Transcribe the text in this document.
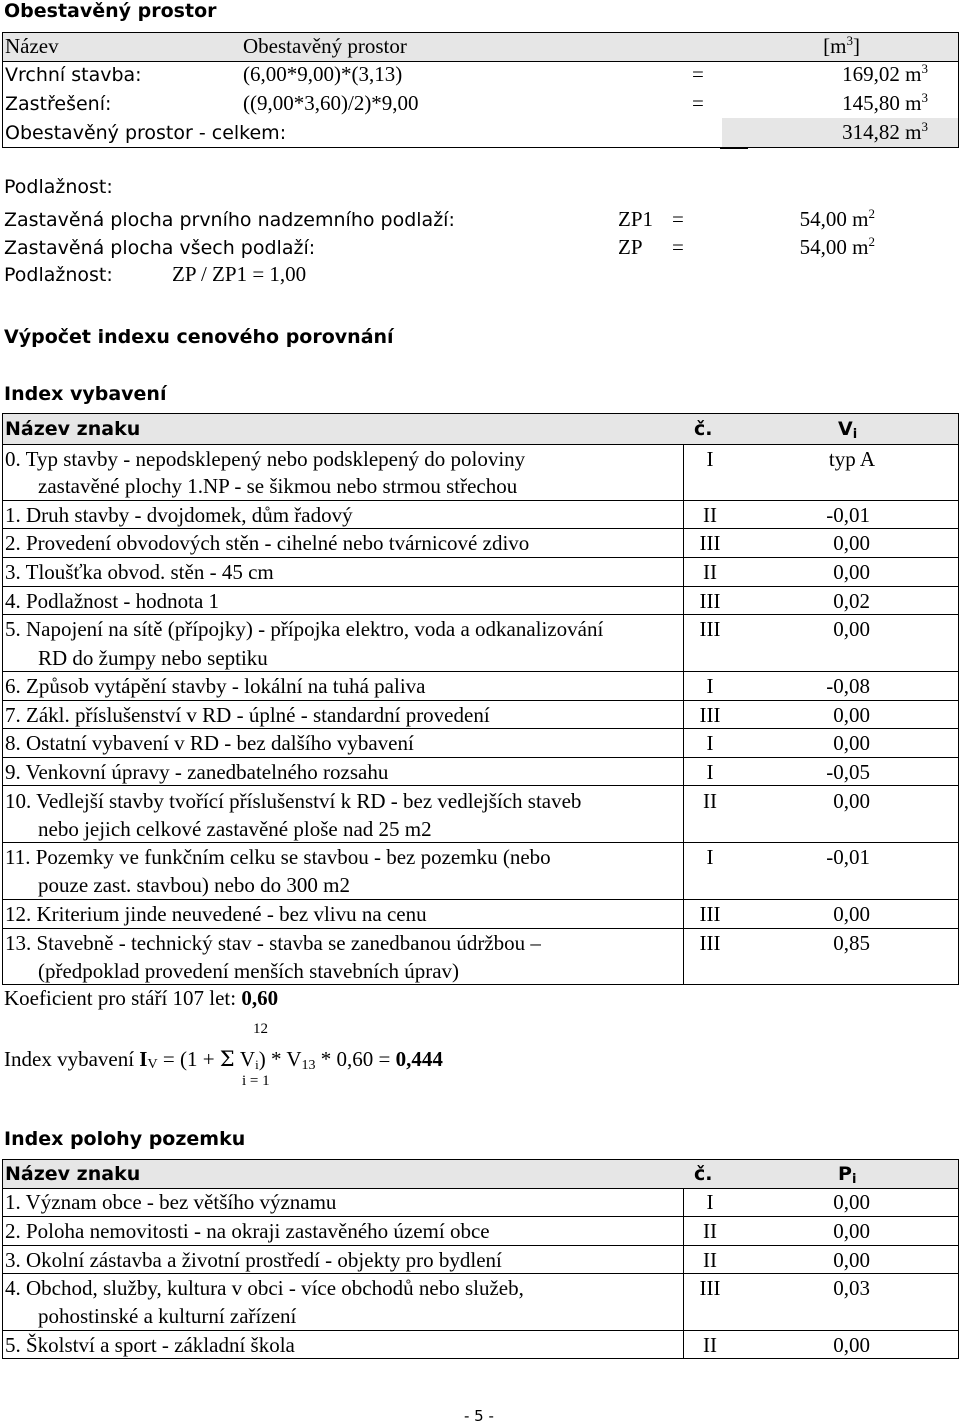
Obestavěný prostor
Název	Obestavěný prostor	$[m^3]$
Vrchní stavba:	(6,00*9,00)*(3,13)	=	169,02 $m^3$
Zastřešení:	((9,00*3,60)/2)*9,00	=	145,80 $m^3$
Obestavěný prostor - celkem:	314,82 $m^3$
Podlažnost:
Zastavěná plocha prvního nadzemního podlaží:	ZP1 =	54,00 $m^2$
Zastavěná plocha všech podlaží:	ZP =	54,00 $m^2$
Podlažnost:	ZP / ZP1 = 1,00
Výpočet indexu cenového porovnání
Index vybavení
Název znaku	č.	$V_i$
0. Typ stavby - nepodsklepený nebo podsklepený do poloviny
zastavěné plochy 1.NP - se šikmou nebo strmou střechou
I	typ A
1. Druh stavby - dvojdomek, dům řadový	II	-0,01
2. Provedení obvodových stěn - cihelné nebo tvárnicové zdivo	III	0,00
3. Tloušťka obvod. stěn - 45 cm	II	0,00
4. Podlažnost - hodnota 1	III	0,02
5. Napojení na sítě (přípojky) - přípojka elektro, voda a odkanalizování
RD do žumpy nebo septiku
III	0,00
6. Způsob vytápění stavby - lokální na tuhá paliva	I	-0,08
7. Zákl. příslušenství v RD - úplné - standardní provedení	III	0,00
8. Ostatní vybavení v RD - bez dalšího vybavení	I	0,00
9. Venkovní úpravy - zanedbatelného rozsahu	I	-0,05
10. Vedlejší stavby tvořící příslušenství k RD - bez vedlejších staveb
nebo jejich celkové zastavěné ploše nad 25 m2
II	0,00
11. Pozemky ve funkčním celku se stavbou - bez pozemku (nebo
pouze zast. stavbou) nebo do 300 m2
I	-0,01
12. Kriterium jinde neuvedené - bez vlivu na cenu	III	0,00
13. Stavebně - technický stav - stavba se zanedbanou údržbou –
(předpoklad provedení menších stavebních úprav)
III	0,85
Koeficient pro stáří 107 let: 0,60
12
Index vybavení IV = (1 + Σ $V_i) * V_{13} * 0,60 = 0,444$
i = 1
Index polohy pozemku
Název znaku	č.	$P_i$
1. Význam obce - bez většího významu	I	0,00
2. Poloha nemovitosti - na okraji zastavěného území obce	II	0,00
3. Okolní zástavba a životní prostředí - objekty pro bydlení	II	0,00
4. Obchod, služby, kultura v obci - více obchodů nebo služeb,
pohostinské a kulturní zařízení
III	0,03
5. Školství a sport - základní škola	II	0,00
- 5 -
